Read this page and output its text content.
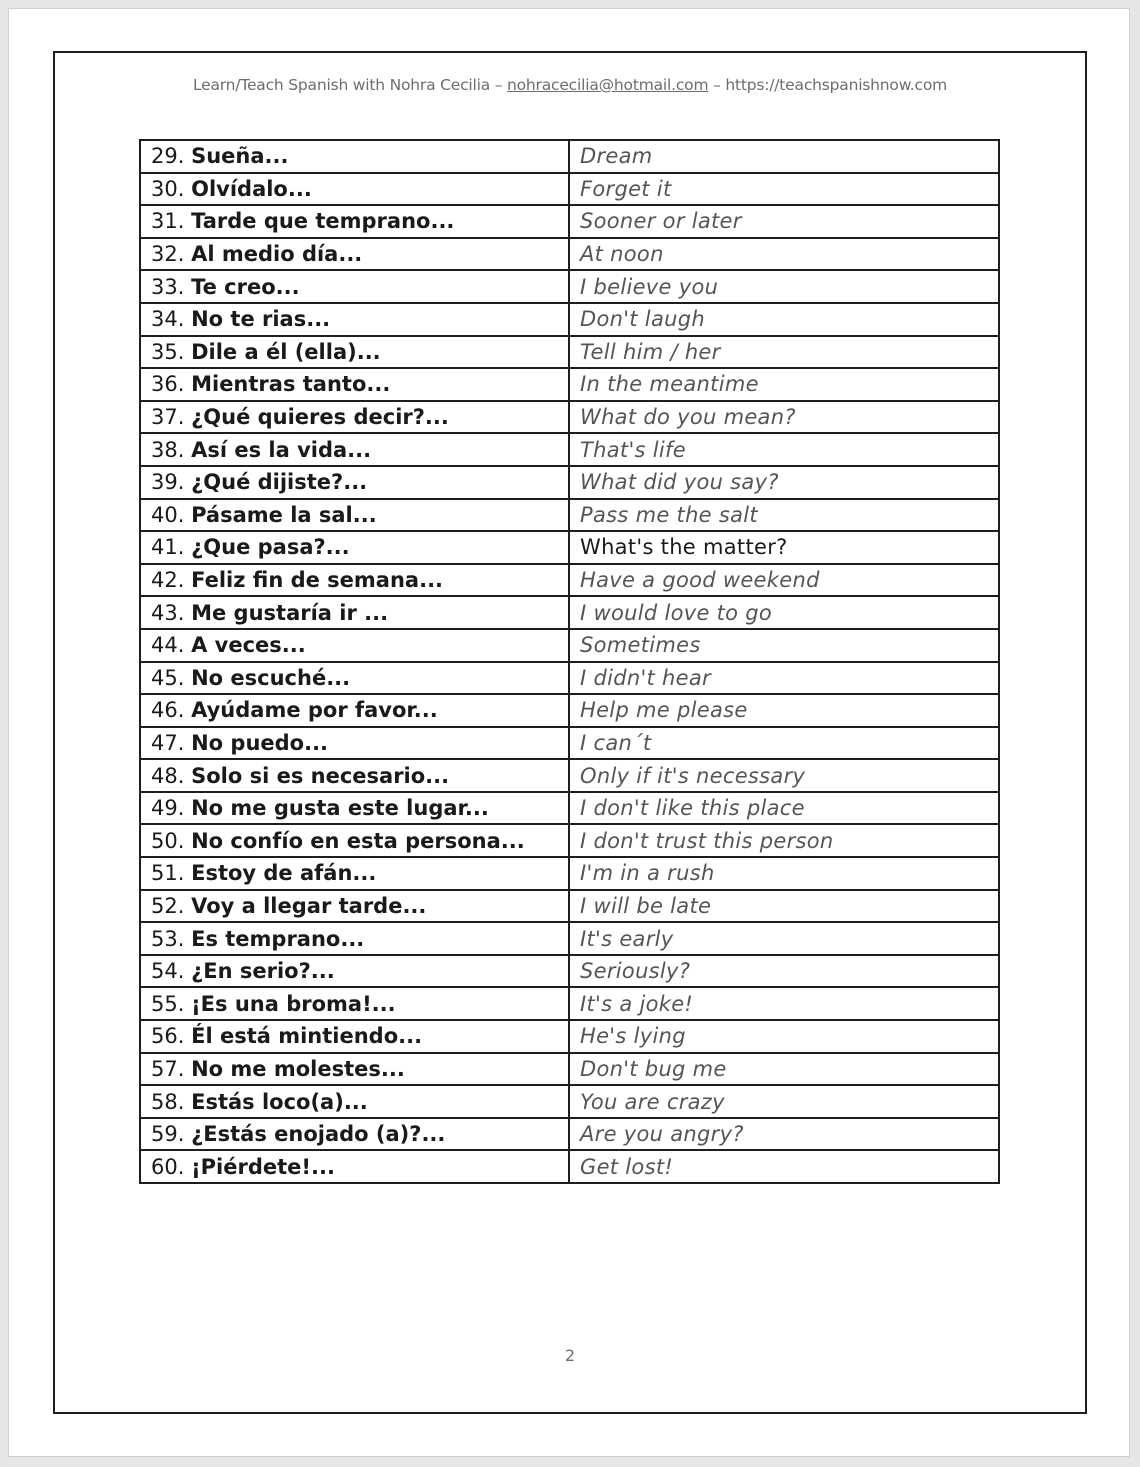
Learn/Teach Spanish with Nohra Cecilia – nohracecilia@hotmail.com – https://teachspanishnow.com
29. Sueña...	Dream
30. Olvídalo...	Forget it
31. Tarde que temprano...	Sooner or later
32. Al medio día...	At noon
33. Te creo...	I believe you
34. No te rias...	Don't laugh
35. Dile a él (ella)...	Tell him / her
36. Mientras tanto...	In the meantime
37. ¿Qué quieres decir?...	What do you mean?
38. Así es la vida...	That's life
39. ¿Qué dijiste?...	What did you say?
40. Pásame la sal...	Pass me the salt
41. ¿Que pasa?...	What's the matter?
42. Feliz fin de semana...	Have a good weekend
43. Me gustaría ir ...	I would love to go
44. A veces...	Sometimes
45. No escuché...	I didn't hear
46. Ayúdame por favor...	Help me please
47. No puedo...	I can´t
48. Solo si es necesario...	Only if it's necessary
49. No me gusta este lugar...	I don't like this place
50. No confío en esta persona...	I don't trust this person
51. Estoy de afán...	I'm in a rush
52. Voy a llegar tarde...	I will be late
53. Es temprano...	It's early
54. ¿En serio?...	Seriously?
55. ¡Es una broma!...	It's a joke!
56. Él está mintiendo...	He's lying
57. No me molestes...	Don't bug me
58. Estás loco(a)...	You are crazy
59. ¿Estás enojado (a)?...	Are you angry?
60. ¡Piérdete!...	Get lost!
2
